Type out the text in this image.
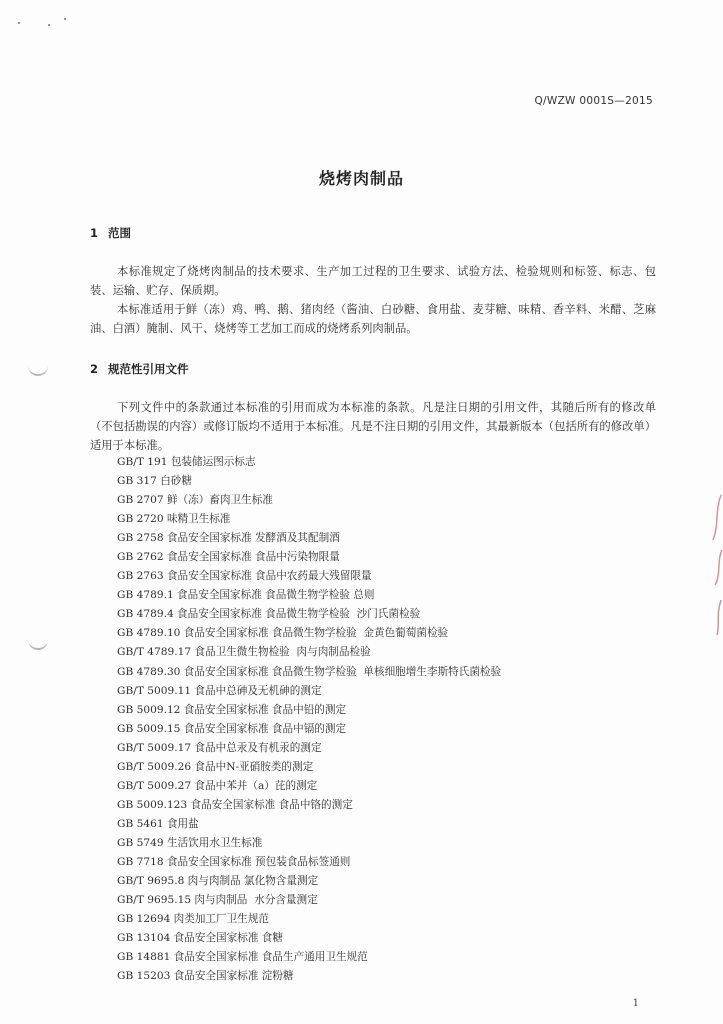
Q/WZW 0001S—2015
烧烤肉制品
1 范围
本标准规定了烧烤肉制品的技术要求、生产加工过程的卫生要求、试验方法、检验规则和标签、标志、包装、运输、贮存、保质期。
本标准适用于鲜（冻）鸡、鸭、鹅、猪肉经（酱油、白砂糖、食用盐、麦芽糖、味精、香辛料、米醋、芝麻油、白酒）腌制、风干、烧烤等工艺加工而成的烧烤系列肉制品。
2 规范性引用文件
下列文件中的条款通过本标准的引用而成为本标准的条款。凡是注日期的引用文件，其随后所有的修改单（不包括勘误的内容）或修订版均不适用于本标准。凡是不注日期的引用文件，其最新版本（包括所有的修改单）适用于本标准。
GB/T 191 包装储运图示标志
GB 317 白砂糖
GB 2707 鲜（冻）畜肉卫生标准
GB 2720 味精卫生标准
GB 2758 食品安全国家标准 发酵酒及其配制酒
GB 2762 食品安全国家标准 食品中污染物限量
GB 2763 食品安全国家标准 食品中农药最大残留限量
GB 4789.1 食品安全国家标准 食品微生物学检验 总则
GB 4789.4 食品安全国家标准 食品微生物学检验  沙门氏菌检验
GB 4789.10 食品安全国家标准 食品微生物学检验  金黄色葡萄菌检验
GB/T 4789.17 食品卫生微生物检验  肉与肉制品检验
GB 4789.30 食品安全国家标准 食品微生物学检验  单核细胞增生李斯特氏菌检验
GB/T 5009.11 食品中总砷及无机砷的测定
GB 5009.12 食品安全国家标准 食品中铅的测定
GB 5009.15 食品安全国家标准 食品中镉的测定
GB/T 5009.17 食品中总汞及有机汞的测定
GB/T 5009.26 食品中N-亚硝胺类的测定
GB/T 5009.27 食品中苯并（a）芘的测定
GB 5009.123 食品安全国家标准 食品中铬的测定
GB 5461 食用盐
GB 5749 生活饮用水卫生标准
GB 7718 食品安全国家标准 预包装食品标签通则
GB/T 9695.8 肉与肉制品 氯化物含量测定
GB/T 9695.15 肉与肉制品  水分含量测定
GB 12694 肉类加工厂卫生规范
GB 13104 食品安全国家标准 食糖
GB 14881 食品安全国家标准 食品生产通用卫生规范
GB 15203 食品安全国家标准 淀粉糖
1
